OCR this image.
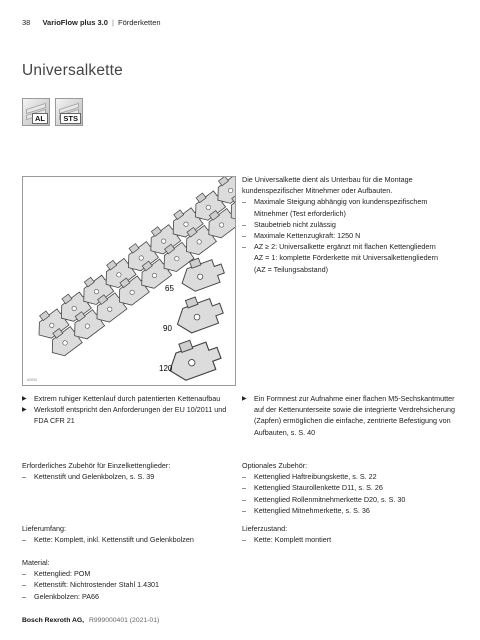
38 VarioFlow plus 3.0 | Förderketten
Universalkette
AL	STS
65
90
120
A0000

Die Universalkette dient als Unterbau für die Montage kundenspezifischer Mitnehmer oder Aufbauten.

– Maximale Steigung abhängig von kundenspezifischem Mitnehmer (Test erforderlich)
– Staubetrieb nicht zulässig
– Maximale Kettenzugkraft: 1250 N
– AZ ≥ 2: Universalkette ergänzt mit flachen Kettengliedern
AZ = 1: komplette Förderkette mit Universalkettengliedern
(AZ = Teilungsabstand)
▶ Extrem ruhiger Kettenlauf durch patentierten Kettenaufbau
▶ Werkstoff entspricht den Anforderungen der EU 10/2011 und FDA CFR 21
▶ Ein Formnest zur Aufnahme einer flachen M5-Sechskantmutter auf der Kettenunterseite sowie die integrierte Verdrehsicherung (Zapfen) ermöglichen die einfache, zentrierte Befestigung von Aufbauten, s. S. 40

Erforderliches Zubehör für Einzelkettenglieder:

– Kettenstift und Gelenkbolzen, s. S. 39

Optionales Zubehör:

– Kettenglied Haftreibungskette, s. S. 22
– Kettenglied Staurollenkette D11, s. S. 26
– Kettenglied Rollenmitnehmerkette D20, s. S. 30
– Kettenglied Mitnehmerkette, s. S. 36

Lieferumfang:

– Kette: Komplett, inkl. Kettenstift und Gelenkbolzen

Lieferzustand:

– Kette: Komplett montiert

Material:

– Kettenglied: POM
– Kettenstift: Nichtrostender Stahl 1.4301
– Gelenkbolzen: PA66
Bosch Rexroth AG, R999000401 (2021-01)
